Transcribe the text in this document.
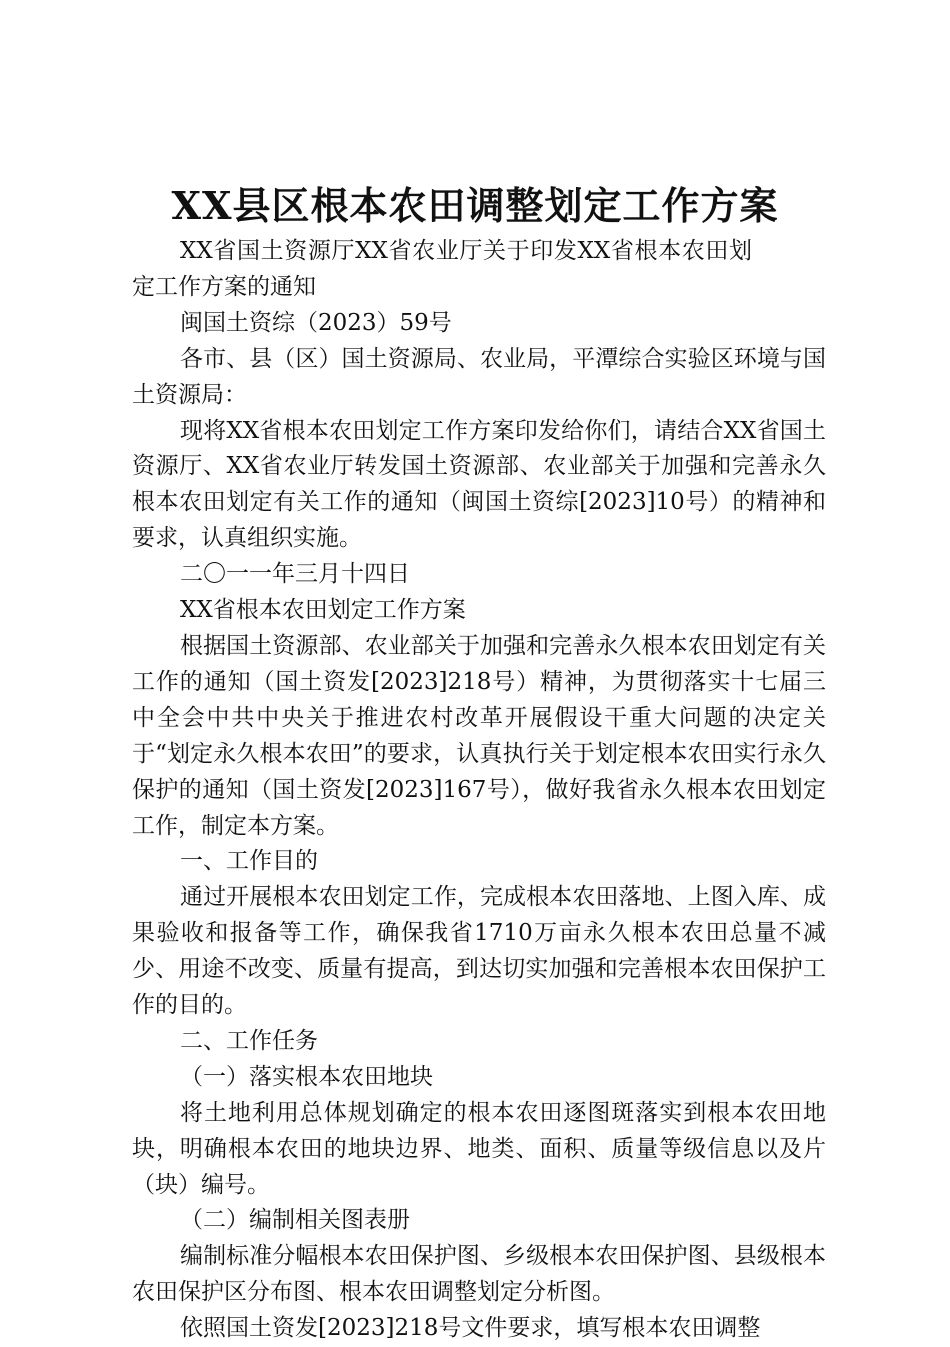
XX县区根本农田调整划定工作方案

XX省国土资源厅XX省农业厅关于印发XX省根本农田划定工作方案的通知

闽国土资综（2023）59号

各市、县（区）国土资源局、农业局，平潭综合实验区环境与国土资源局：

现将XX省根本农田划定工作方案印发给你们，请结合XX省国土资源厅、XX省农业厅转发国土资源部、农业部关于加强和完善永久根本农田划定有关工作的通知（闽国土资综[2023]10号）的精神和要求，认真组织实施。

二〇一一年三月十四日

XX省根本农田划定工作方案

根据国土资源部、农业部关于加强和完善永久根本农田划定有关工作的通知（国土资发[2023]218号）精神，为贯彻落实十七届三中全会中共中央关于推进农村改革开展假设干重大问题的决定关于“划定永久根本农田”的要求，认真执行关于划定根本农田实行永久保护的通知（国土资发[2023]167号），做好我省永久根本农田划定工作，制定本方案。

一、工作目的

通过开展根本农田划定工作，完成根本农田落地、上图入库、成果验收和报备等工作，确保我省1710万亩永久根本农田总量不减少、用途不改变、质量有提高，到达切实加强和完善根本农田保护工作的目的。

二、工作任务

（一）落实根本农田地块

将土地利用总体规划确定的根本农田逐图斑落实到根本农田地块，明确根本农田的地块边界、地类、面积、质量等级信息以及片（块）编号。

（二）编制相关图表册

编制标准分幅根本农田保护图、乡级根本农田保护图、县级根本农田保护区分布图、根本农田调整划定分析图。

依照国土资发[2023]218号文件要求，填写根本农田调整
